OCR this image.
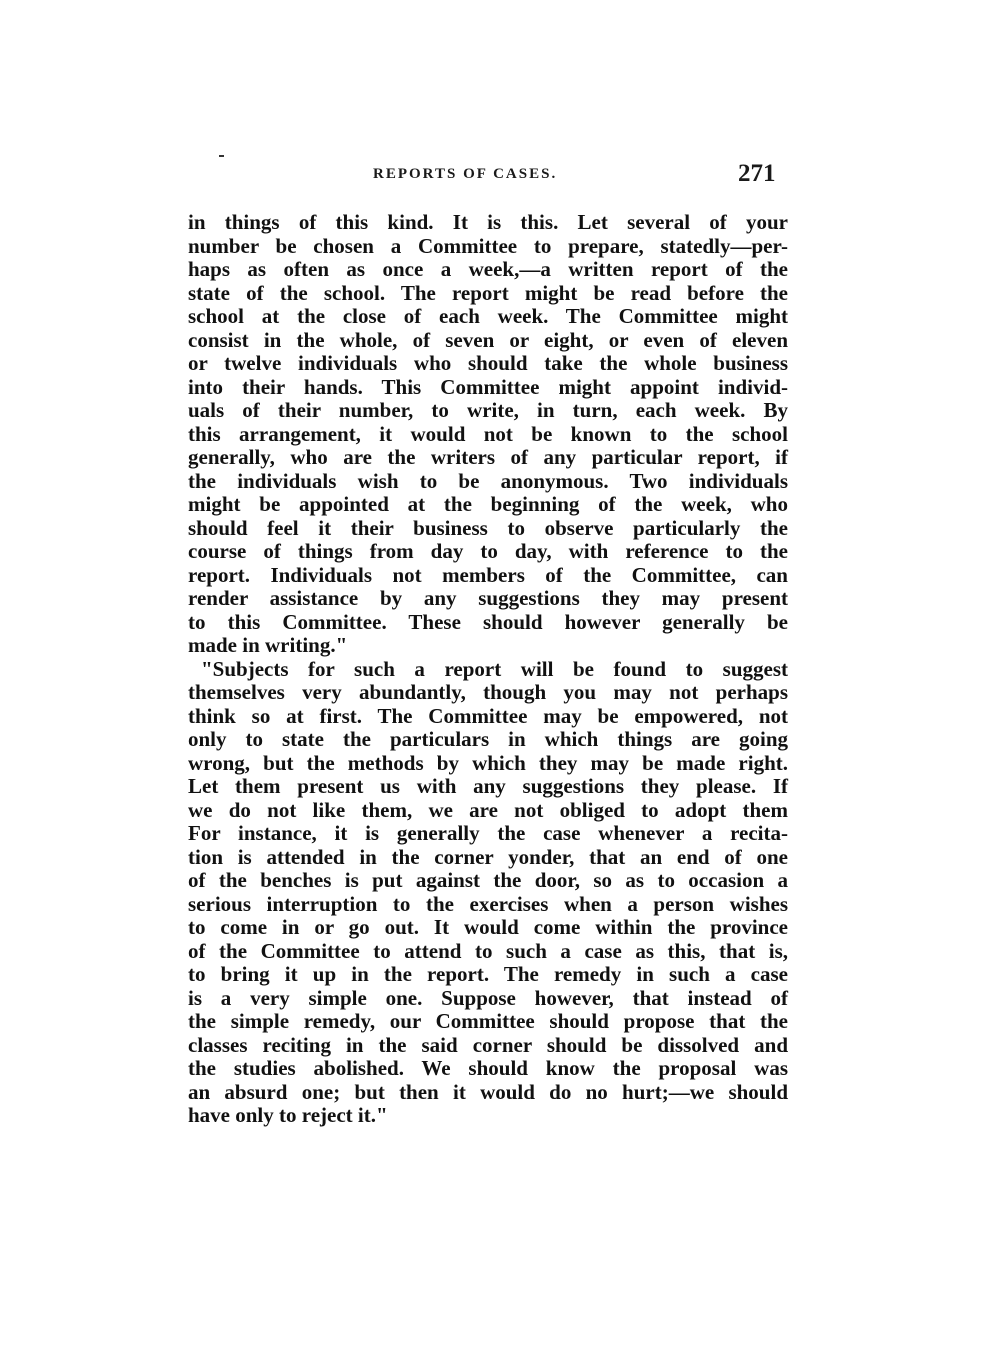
REPORTS OF CASES.	271
in things of this kind. It is this. Let several of your
number be chosen a Committee to prepare, statedly—per-
haps as often as once a week,—a written report of the
state of the school. The report might be read before the
school at the close of each week. The Committee might
consist in the whole, of seven or eight, or even of eleven
or twelve individuals who should take the whole business
into their hands. This Committee might appoint individ-
uals of their number, to write, in turn, each week. By
this arrangement, it would not be known to the school
generally, who are the writers of any particular report, if
the individuals wish to be anonymous. Two individuals
might be appointed at the beginning of the week, who
should feel it their business to observe particularly the
course of things from day to day, with reference to the
report. Individuals not members of the Committee, can
render assistance by any suggestions they may present
to this Committee. These should however generally be
made in writing."
"Subjects for such a report will be found to suggest
themselves very abundantly, though you may not perhaps
think so at first. The Committee may be empowered, not
only to state the particulars in which things are going
wrong, but the methods by which they may be made right.
Let them present us with any suggestions they please. If
we do not like them, we are not obliged to adopt them
For instance, it is generally the case whenever a recita-
tion is attended in the corner yonder, that an end of one
of the benches is put against the door, so as to occasion a
serious interruption to the exercises when a person wishes
to come in or go out. It would come within the province
of the Committee to attend to such a case as this, that is,
to bring it up in the report. The remedy in such a case
is a very simple one. Suppose however, that instead of
the simple remedy, our Committee should propose that the
classes reciting in the said corner should be dissolved and
the studies abolished. We should know the proposal was
an absurd one; but then it would do no hurt;—we should
have only to reject it."
